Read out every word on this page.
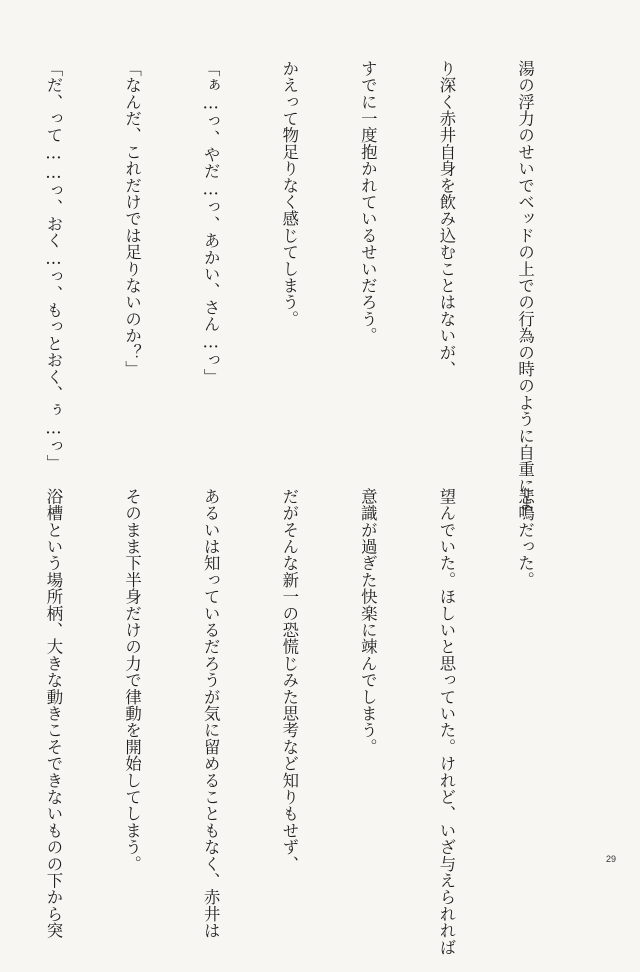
湯の浮力のせいでベッドの上での行為の時のように自重によ

り深く赤井自身を飲み込むことはないが、

すでに一度抱かれているせいだろう。

かえって物足りなく感じてしまう。

「ぁ…っ、やだ…っ、あかい、さん…っ」

「なんだ、これだけでは足りないのか？」

「だ、って……っ、おく…っ、もっとおく、ぅ…っ」

悲鳴だった。

望んでいた。ほしいと思っていた。けれど、いざ与えられれば

意識が過ぎた快楽に竦んでしまう。

だがそんな新一の恐慌じみた思考など知りもせず、

あるいは知っているだろうが気に留めることもなく、赤井は

そのまま下半身だけの力で律動を開始してしまう。

浴槽という場所柄、大きな動きこそできないものの下から突

	29
